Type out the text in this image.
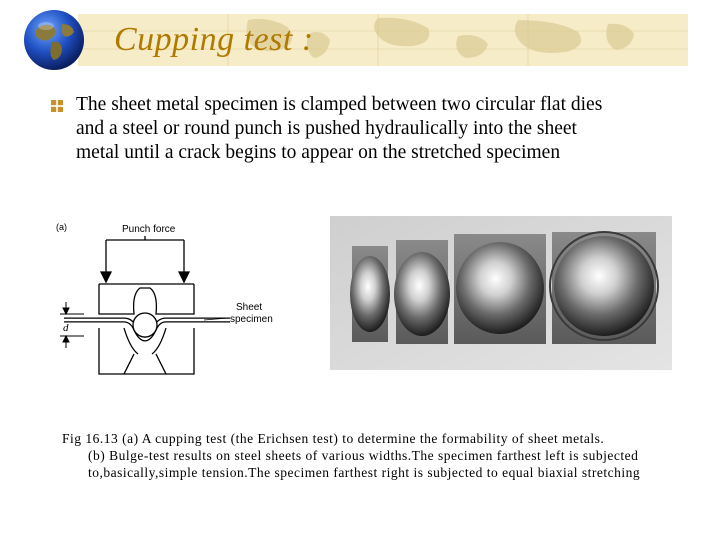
Cupping test :
The sheet metal specimen is clamped between two circular flat dies and a steel or round punch is pushed hydraulically into the sheet metal until a crack begins to appear on the stretched specimen
(a)	Punch force
d
Sheet
specimen
Fig 16.13 (a) A cupping test (the Erichsen test) to determine the formability of sheet metals.
(b) Bulge-test results on steel sheets of various widths.The specimen farthest left is subjected to,basically,simple tension.The specimen farthest right is subjected to equal biaxial stretching
